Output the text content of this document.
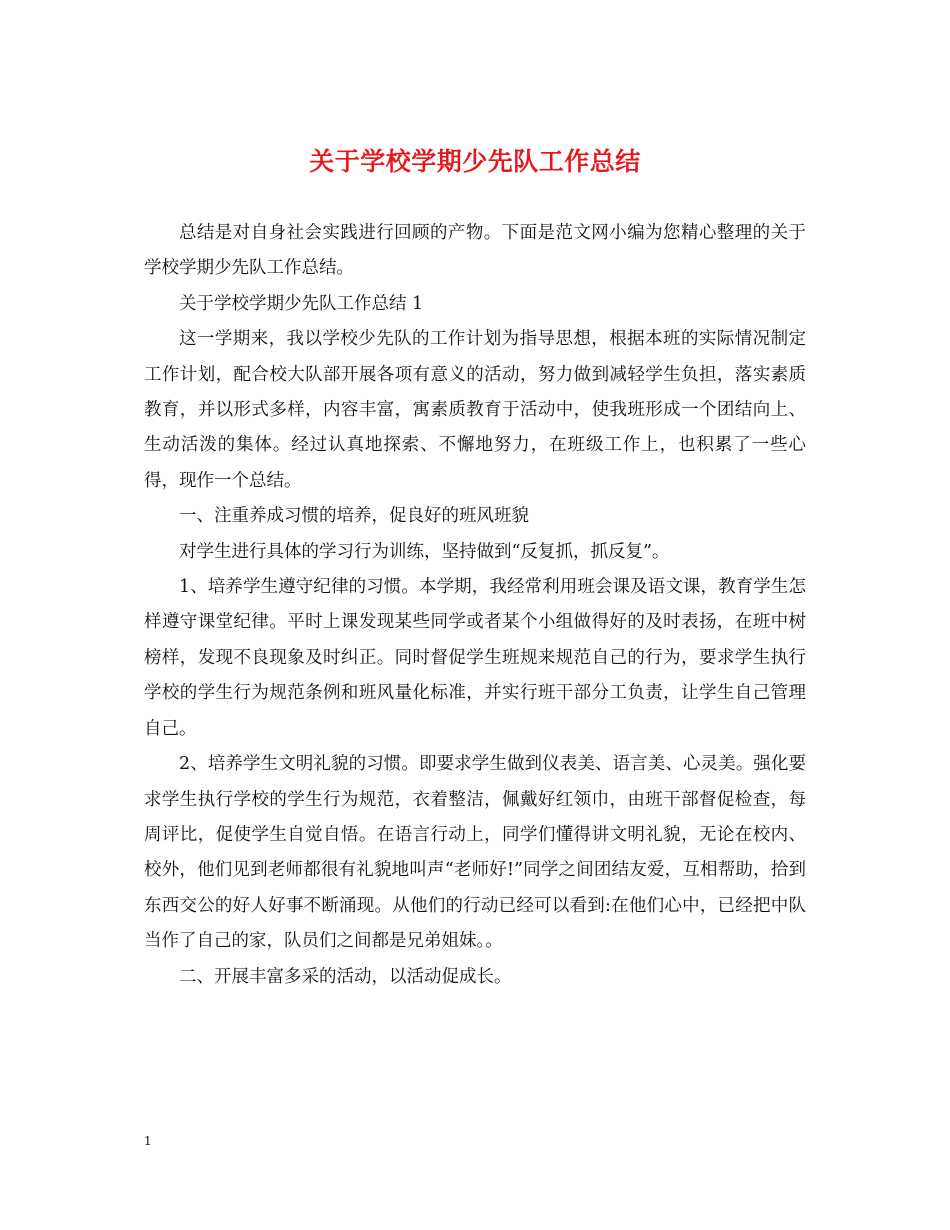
关于学校学期少先队工作总结

总结是对自身社会实践进行回顾的产物。下面是范文网小编为您精心整理的关于学校学期少先队工作总结。

关于学校学期少先队工作总结 1

这一学期来，我以学校少先队的工作计划为指导思想，根据本班的实际情况制定工作计划，配合校大队部开展各项有意义的活动，努力做到减轻学生负担，落实素质教育，并以形式多样，内容丰富，寓素质教育于活动中，使我班形成一个团结向上、生动活泼的集体。经过认真地探索、不懈地努力，在班级工作上，也积累了一些心得，现作一个总结。

一、注重养成习惯的培养，促良好的班风班貌

对学生进行具体的学习行为训练，坚持做到“反复抓，抓反复”。

1、培养学生遵守纪律的习惯。本学期，我经常利用班会课及语文课，教育学生怎样遵守课堂纪律。平时上课发现某些同学或者某个小组做得好的及时表扬，在班中树榜样，发现不良现象及时纠正。同时督促学生班规来规范自己的行为，要求学生执行学校的学生行为规范条例和班风量化标准，并实行班干部分工负责，让学生自己管理自己。

2、培养学生文明礼貌的习惯。即要求学生做到仪表美、语言美、心灵美。强化要求学生执行学校的学生行为规范，衣着整洁，佩戴好红领巾，由班干部督促检查，每周评比，促使学生自觉自悟。在语言行动上，同学们懂得讲文明礼貌，无论在校内、校外，他们见到老师都很有礼貌地叫声“老师好!”同学之间团结友爱，互相帮助，拾到东西交公的好人好事不断涌现。从他们的行动已经可以看到:在他们心中，已经把中队当作了自己的家，队员们之间都是兄弟姐妹。。

二、开展丰富多采的活动，以活动促成长。

1
